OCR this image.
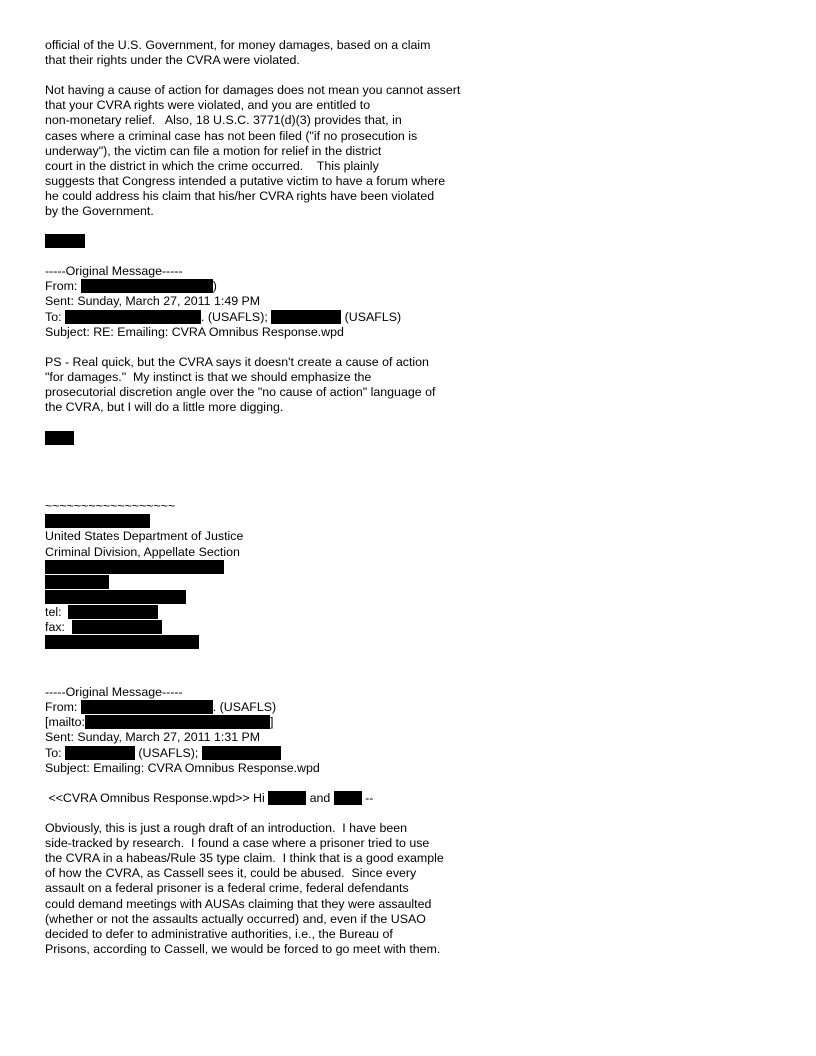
official of the U.S. Government, for money damages, based on a claim
that their rights under the CVRA were violated.
Not having a cause of action for damages does not mean you cannot assert
that your CVRA rights were violated, and you are entitled to
non-monetary relief.   Also, 18 U.S.C. 3771(d)(3) provides that, in
cases where a criminal case has not been filed ("if no prosecution is
underway"), the victim can file a motion for relief in the district
court in the district in which the crime occurred.    This plainly
suggests that Congress intended a putative victim to have a forum where
he could address his claim that his/her CVRA rights have been violated
by the Government.
-----Original Message-----
From:	)
Sent: Sunday, March 27, 2011 1:49 PM
To:	. (USAFLS);	(USAFLS)
Subject: RE: Emailing: CVRA Omnibus Response.wpd
PS - Real quick, but the CVRA says it doesn't create a cause of action
"for damages."  My instinct is that we should emphasize the
prosecutorial discretion angle over the "no cause of action" language of
the CVRA, but I will do a little more digging.
~~~~~~~~~~~~~~~~~~
United States Department of Justice
Criminal Division, Appellate Section
tel:
fax:
-----Original Message-----
From:	. (USAFLS)
[mailto:	]
Sent: Sunday, March 27, 2011 1:31 PM
To:	(USAFLS);
Subject: Emailing: CVRA Omnibus Response.wpd
<<CVRA Omnibus Response.wpd>> Hi	and  --
Obviously, this is just a rough draft of an introduction.  I have been
side-tracked by research.  I found a case where a prisoner tried to use
the CVRA in a habeas/Rule 35 type claim.  I think that is a good example
of how the CVRA, as Cassell sees it, could be abused.  Since every
assault on a federal prisoner is a federal crime, federal defendants
could demand meetings with AUSAs claiming that they were assaulted
(whether or not the assaults actually occurred) and, even if the USAO
decided to defer to administrative authorities, i.e., the Bureau of
Prisons, according to Cassell, we would be forced to go meet with them.
